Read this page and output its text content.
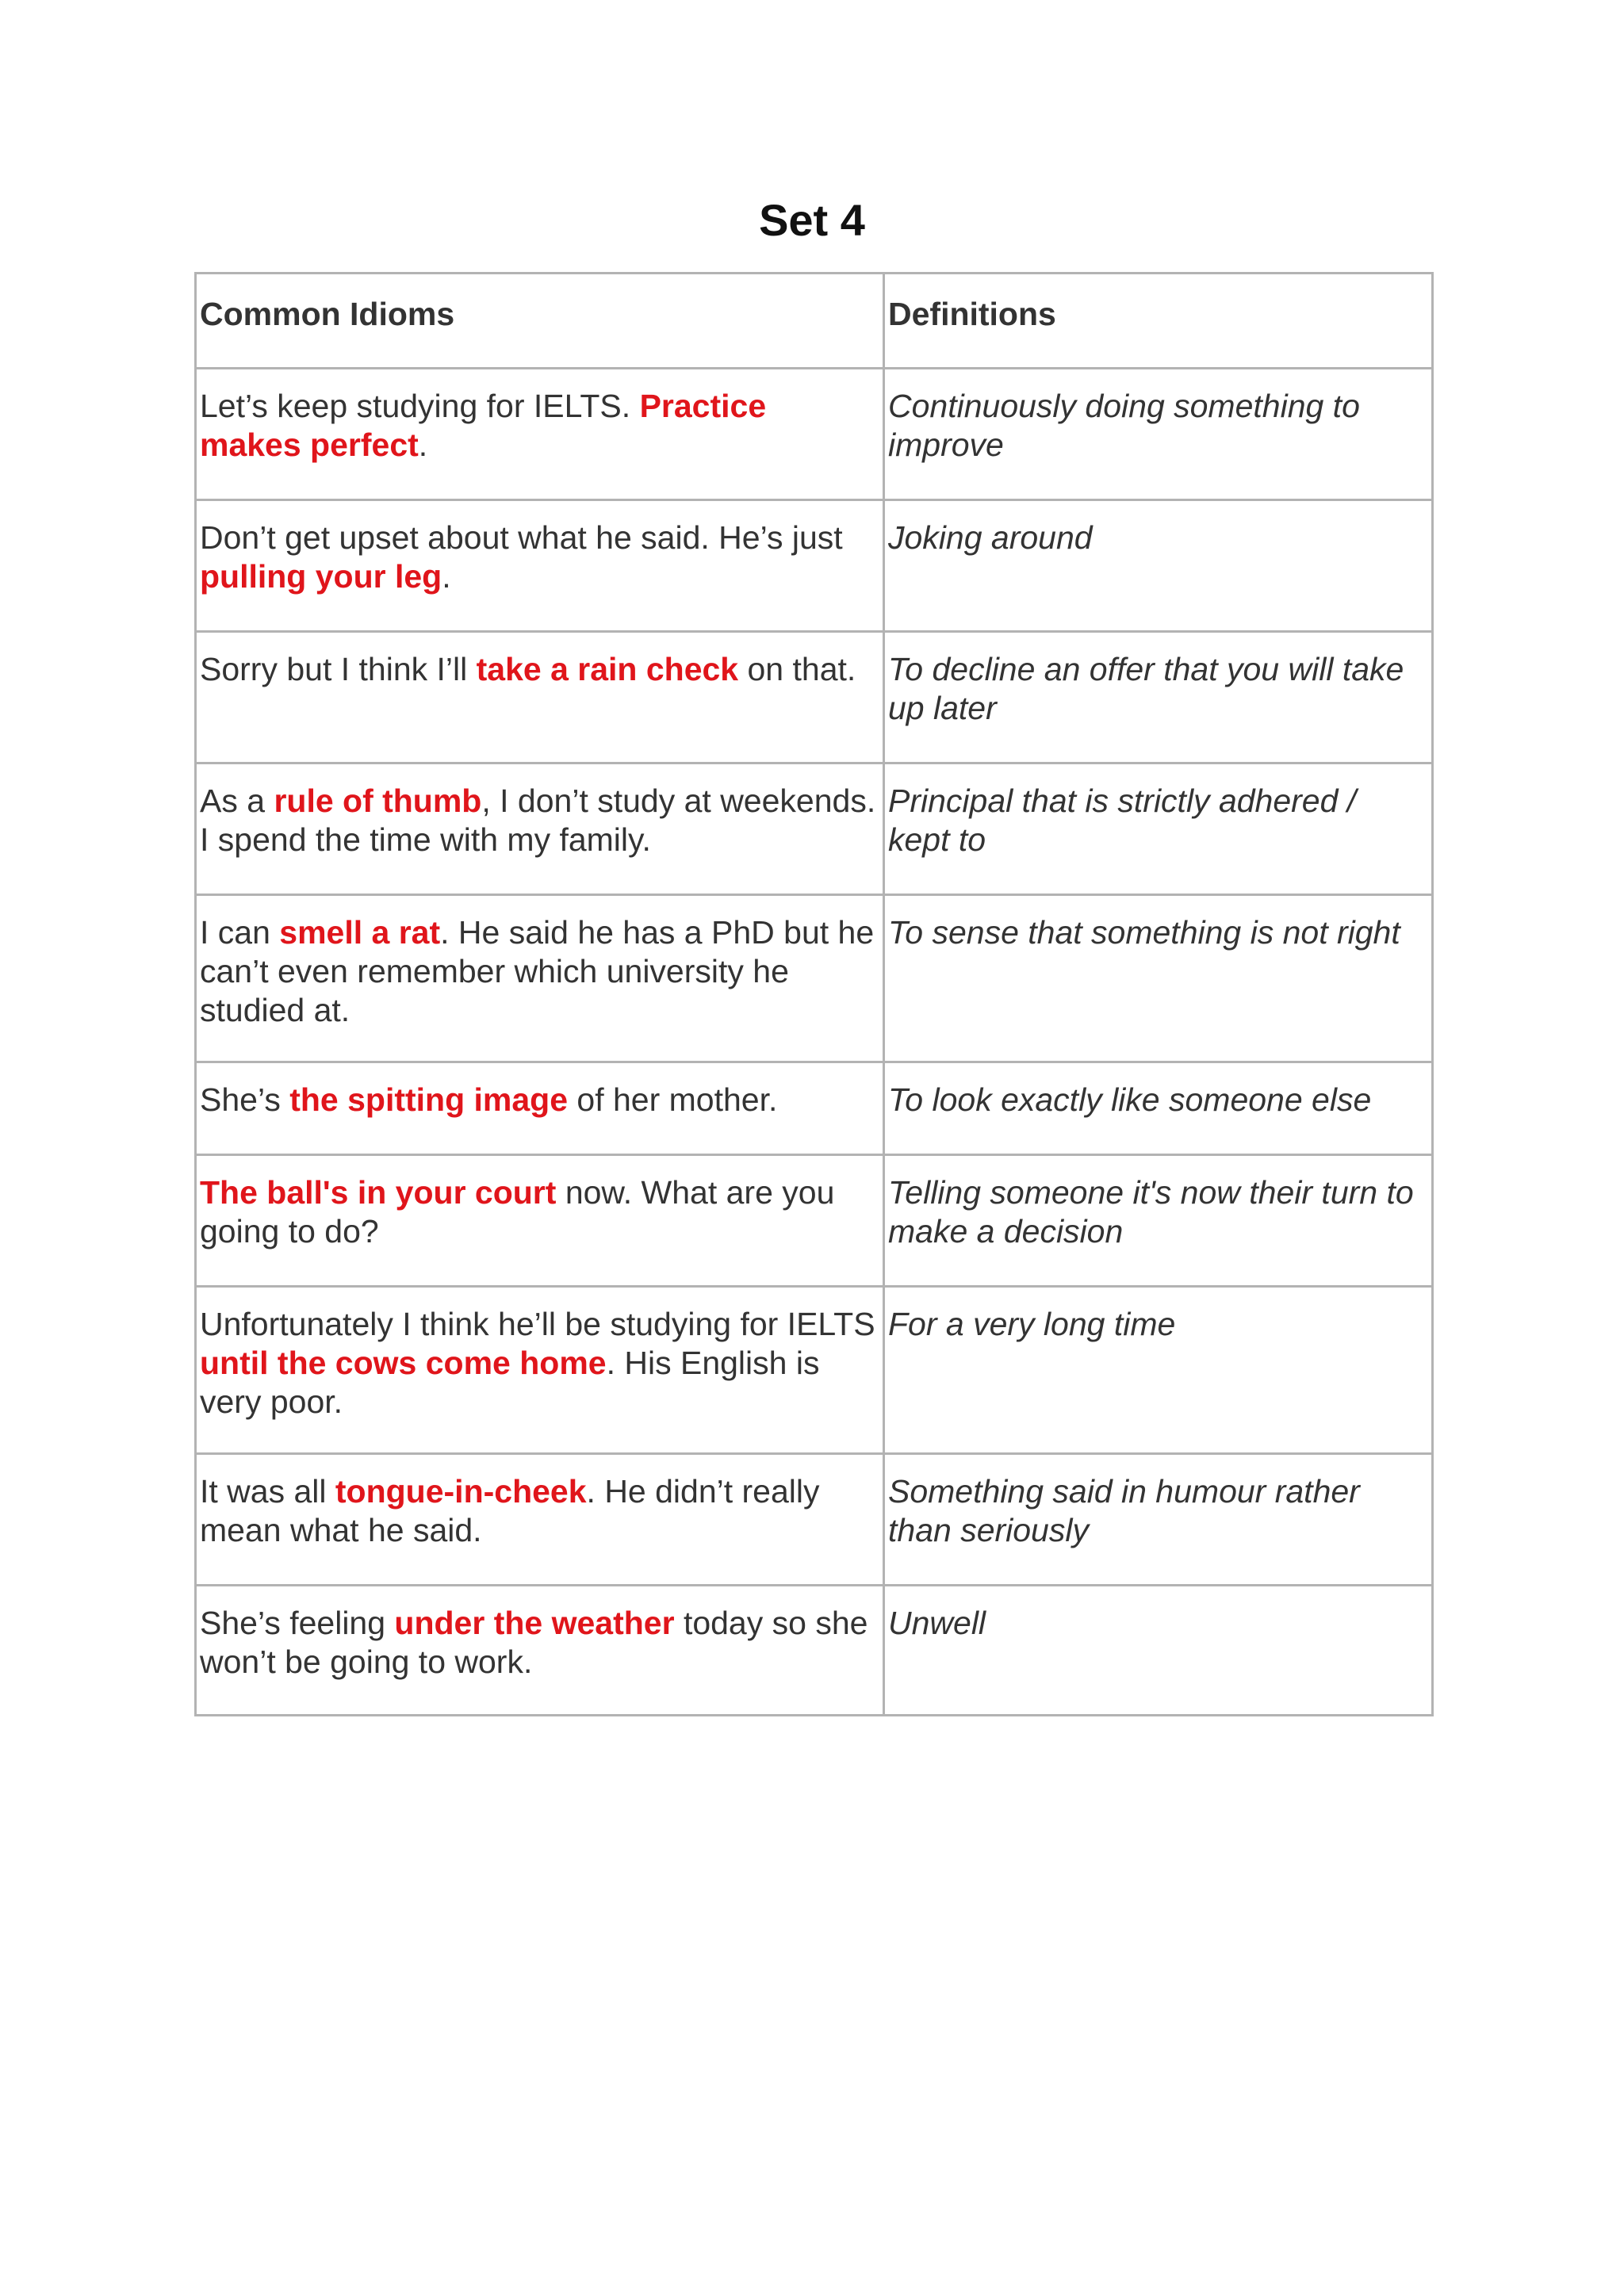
Set 4
Common Idioms	Definitions
Let’s keep studying for IELTS. Practice makes perfect.	Continuously doing something to improve
Don’t get upset about what he said. He’s just pulling your leg.	Joking around
Sorry but I think I’ll take a rain check on that.	To decline an offer that you will take up later
As a rule of thumb, I don’t study at weekends. I spend the time with my family.	Principal that is strictly adhered / kept to
I can smell a rat. He said he has a PhD but he can’t even remember which university he studied at.	To sense that something is not right
She’s the spitting image of her mother.	To look exactly like someone else
The ball's in your court now. What are you going to do?	Telling someone it's now their turn to make a decision
Unfortunately I think he’ll be studying for IELTS until the cows come home. His English is very poor.	For a very long time
It was all tongue-in-cheek. He didn’t really mean what he said.	Something said in humour rather than seriously
She’s feeling under the weather today so she won’t be going to work.	Unwell
